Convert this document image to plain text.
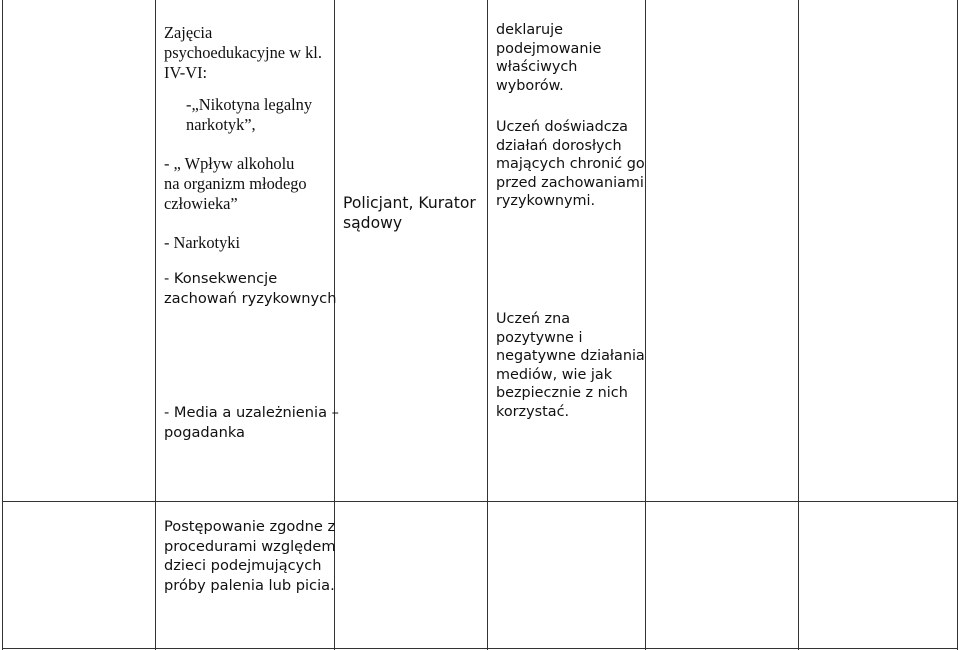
Zajęcia
psychoedukacyjne w kl.
IV-VI:
-„Nikotyna legalny
narkotyk”,
- „ Wpływ alkoholu
na organizm młodego
człowieka”
- Narkotyki
- Konsekwencje
zachowań ryzykownych
- Media a uzależnienia –
pogadanka
Policjant, Kurator
sądowy
deklaruje
podejmowanie
właściwych
wyborów.
Uczeń doświadcza
działań dorosłych
mających chronić go
przed zachowaniami
ryzykownymi.
Uczeń zna
pozytywne i
negatywne działania
mediów, wie jak
bezpiecznie z nich
korzystać.
Postępowanie zgodne z
procedurami względem
dzieci podejmujących
próby palenia lub picia.
